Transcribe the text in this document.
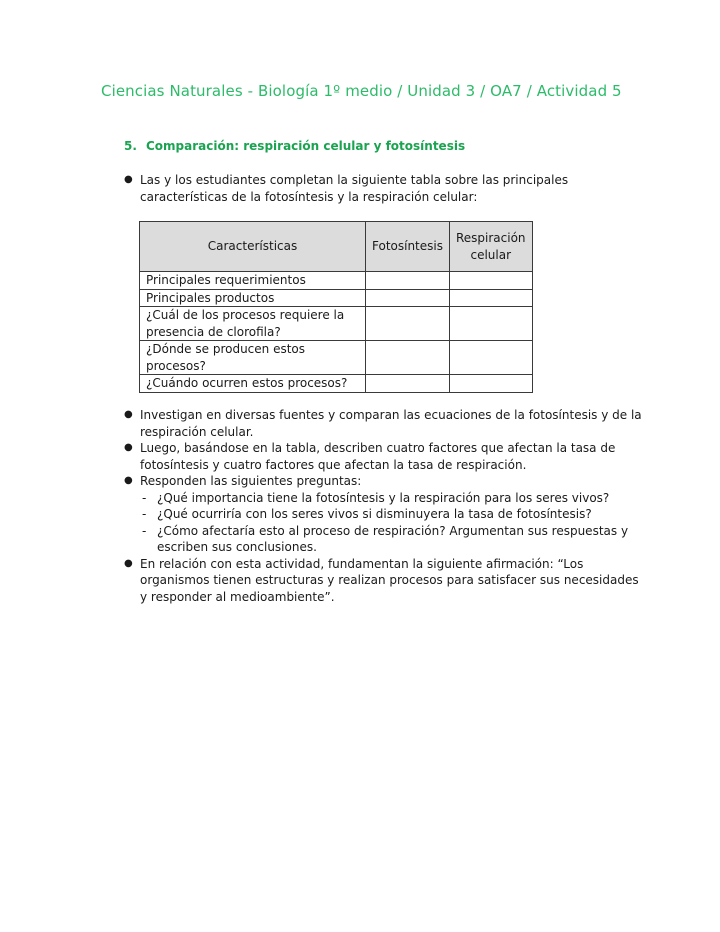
Ciencias Naturales - Biología 1º medio / Unidad 3 / OA7 / Actividad 5
5. Comparación: respiración celular y fotosíntesis
● Las y los estudiantes completan la siguiente tabla sobre las principales características de la fotosíntesis y la respiración celular:
Características	Fotosíntesis	Respiración celular
Principales requerimientos		
Principales productos		
¿Cuál de los procesos requiere la presencia de clorofila?		
¿Dónde se producen estos procesos?		
¿Cuándo ocurren estos procesos?		
● Investigan en diversas fuentes y comparan las ecuaciones de la fotosíntesis y de la respiración celular.
● Luego, basándose en la tabla, describen cuatro factores que afectan la tasa de fotosíntesis y cuatro factores que afectan la tasa de respiración.
● Responden las siguientes preguntas:
- ¿Qué importancia tiene la fotosíntesis y la respiración para los seres vivos?
- ¿Qué ocurriría con los seres vivos si disminuyera la tasa de fotosíntesis?
- ¿Cómo afectaría esto al proceso de respiración? Argumentan sus respuestas y escriben sus conclusiones.
● En relación con esta actividad, fundamentan la siguiente afirmación: “Los organismos tienen estructuras y realizan procesos para satisfacer sus necesidades y responder al medioambiente”.
